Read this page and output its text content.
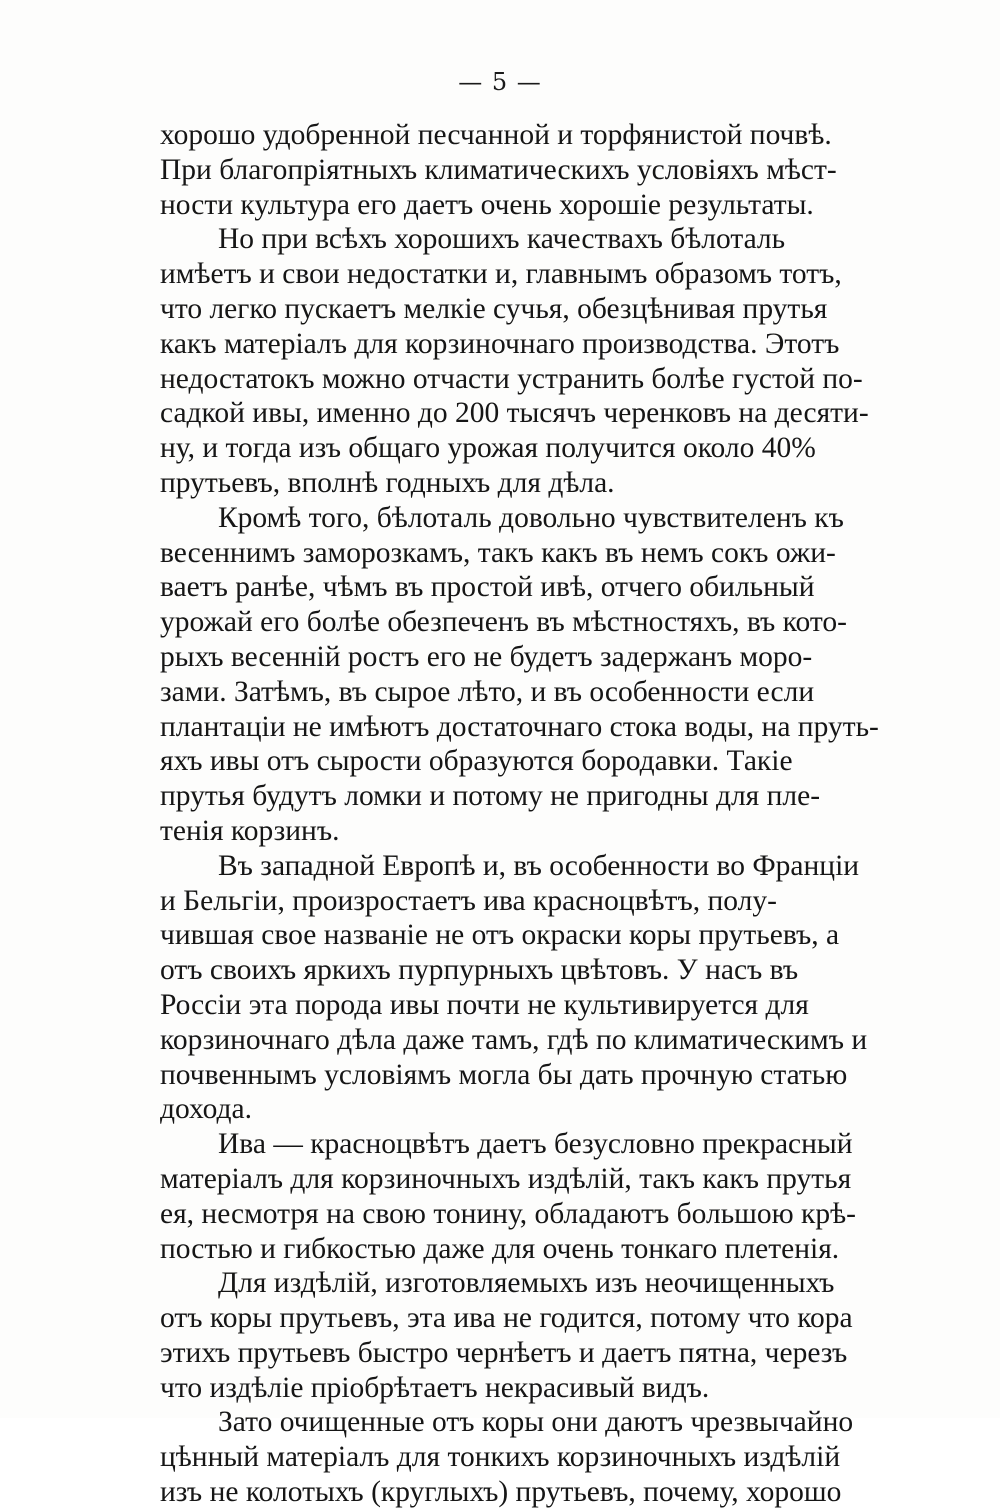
— 5 —

хорошо удобренной песчанной и торфянистой почвѣ.
При благопріятныхъ климатическихъ условіяхъ мѣст-
ности культура его даетъ очень хорошіе результаты.

Но при всѣхъ хорошихъ качествахъ бѣлоталь
имѣетъ и свои недостатки и, главнымъ образомъ тотъ,
что легко пускаетъ мелкіе сучья, обезцѣнивая прутья
какъ матеріалъ для корзиночнаго производства. Этотъ
недостатокъ можно отчасти устранить болѣе густой по-
садкой ивы, именно до 200 тысячъ черенковъ на десяти-
ну, и тогда изъ общаго урожая получится около 40%
прутьевъ, вполнѣ годныхъ для дѣла.

Кромѣ того, бѣлоталь довольно чувствителенъ къ
весеннимъ заморозкамъ, такъ какъ въ немъ сокъ ожи-
ваетъ ранѣе, чѣмъ въ простой ивѣ, отчего обильный
урожай его болѣе обезпеченъ въ мѣстностяхъ, въ кото-
рыхъ весенній ростъ его не будетъ задержанъ моро-
зами. Затѣмъ, въ сырое лѣто, и въ особенности если
плантаціи не имѣютъ достаточнаго стока воды, на пруть-
яхъ ивы отъ сырости образуются бородавки. Такіе
прутья будутъ ломки и потому не пригодны для пле-
тенія корзинъ.

Въ западной Европѣ и, въ особенности во Франціи
и Бельгіи, произростаетъ ива красноцвѣтъ, полу-
чившая свое названіе не отъ окраски коры прутьевъ, а
отъ своихъ яркихъ пурпурныхъ цвѣтовъ. У насъ въ
Россіи эта порода ивы почти не культивируется для
корзиночнаго дѣла даже тамъ, гдѣ по климатическимъ и
почвеннымъ условіямъ могла бы дать прочную статью
дохода.

Ива — красноцвѣтъ даетъ безусловно прекрасный
матеріалъ для корзиночныхъ издѣлій, такъ какъ прутья
ея, несмотря на свою тонину, обладаютъ большою крѣ-
постью и гибкостью даже для очень тонкаго плетенія.

Для издѣлій, изготовляемыхъ изъ неочищенныхъ
отъ коры прутьевъ, эта ива не годится, потому что кора
этихъ прутьевъ быстро чернѣетъ и даетъ пятна, черезъ
что издѣліе пріобрѣтаетъ некрасивый видъ.

Зато очищенные отъ коры они даютъ чрезвычайно
цѣнный матеріалъ для тонкихъ корзиночныхъ издѣлій
изъ не колотыхъ (круглыхъ) прутьевъ, почему, хорошо
